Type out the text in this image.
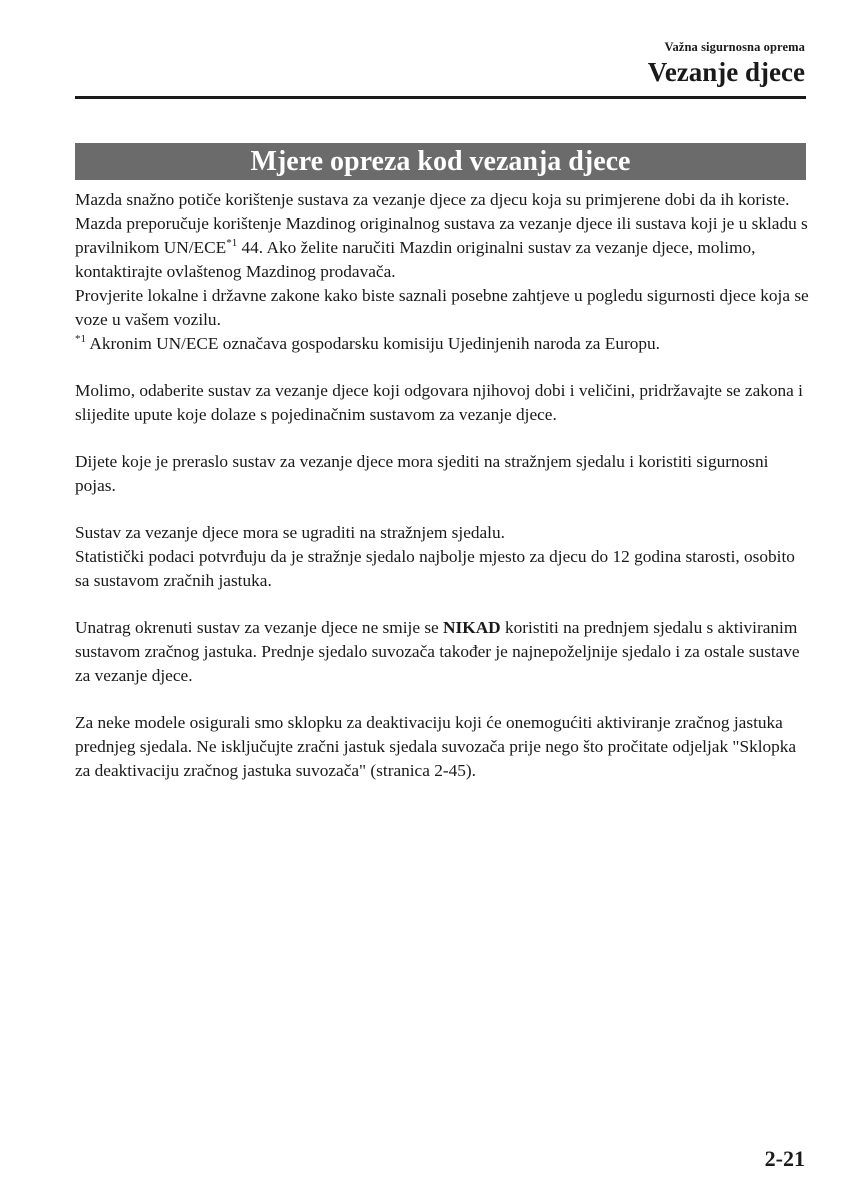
Važna sigurnosna oprema
Vezanje djece
Mjere opreza kod vezanja djece

Mazda snažno potiče korištenje sustava za vezanje djece za djecu koja su primjerene dobi da ih koriste.
Mazda preporučuje korištenje Mazdinog originalnog sustava za vezanje djece ili sustava koji je u skladu s pravilnikom UN/ECE$^{*1}$ 44. Ako želite naručiti Mazdin originalni sustav za vezanje djece, molimo, kontaktirajte ovlaštenog Mazdinog prodavača.
Provjerite lokalne i državne zakone kako biste saznali posebne zahtjeve u pogledu sigurnosti djece koja se voze u vašem vozilu.
$^{*1}$ Akronim UN/ECE označava gospodarsku komisiju Ujedinjenih naroda za Europu.

Molimo, odaberite sustav za vezanje djece koji odgovara njihovoj dobi i veličini, pridržavajte se zakona i slijedite upute koje dolaze s pojedinačnim sustavom za vezanje djece.

Dijete koje je preraslo sustav za vezanje djece mora sjediti na stražnjem sjedalu i koristiti sigurnosni pojas.

Sustav za vezanje djece mora se ugraditi na stražnjem sjedalu.
Statistički podaci potvrđuju da je stražnje sjedalo najbolje mjesto za djecu do 12 godina starosti, osobito sa sustavom zračnih jastuka.

Unatrag okrenuti sustav za vezanje djece ne smije se NIKAD koristiti na prednjem sjedalu s aktiviranim sustavom zračnog jastuka. Prednje sjedalo suvozača također je najnepoželjnije sjedalo i za ostale sustave za vezanje djece.

Za neke modele osigurali smo sklopku za deaktivaciju koji će onemogućiti aktiviranje zračnog jastuka prednjeg sjedala. Ne isključujte zračni jastuk sjedala suvozača prije nego što pročitate odjeljak "Sklopka za deaktivaciju zračnog jastuka suvozača" (stranica 2-45).

2-21
